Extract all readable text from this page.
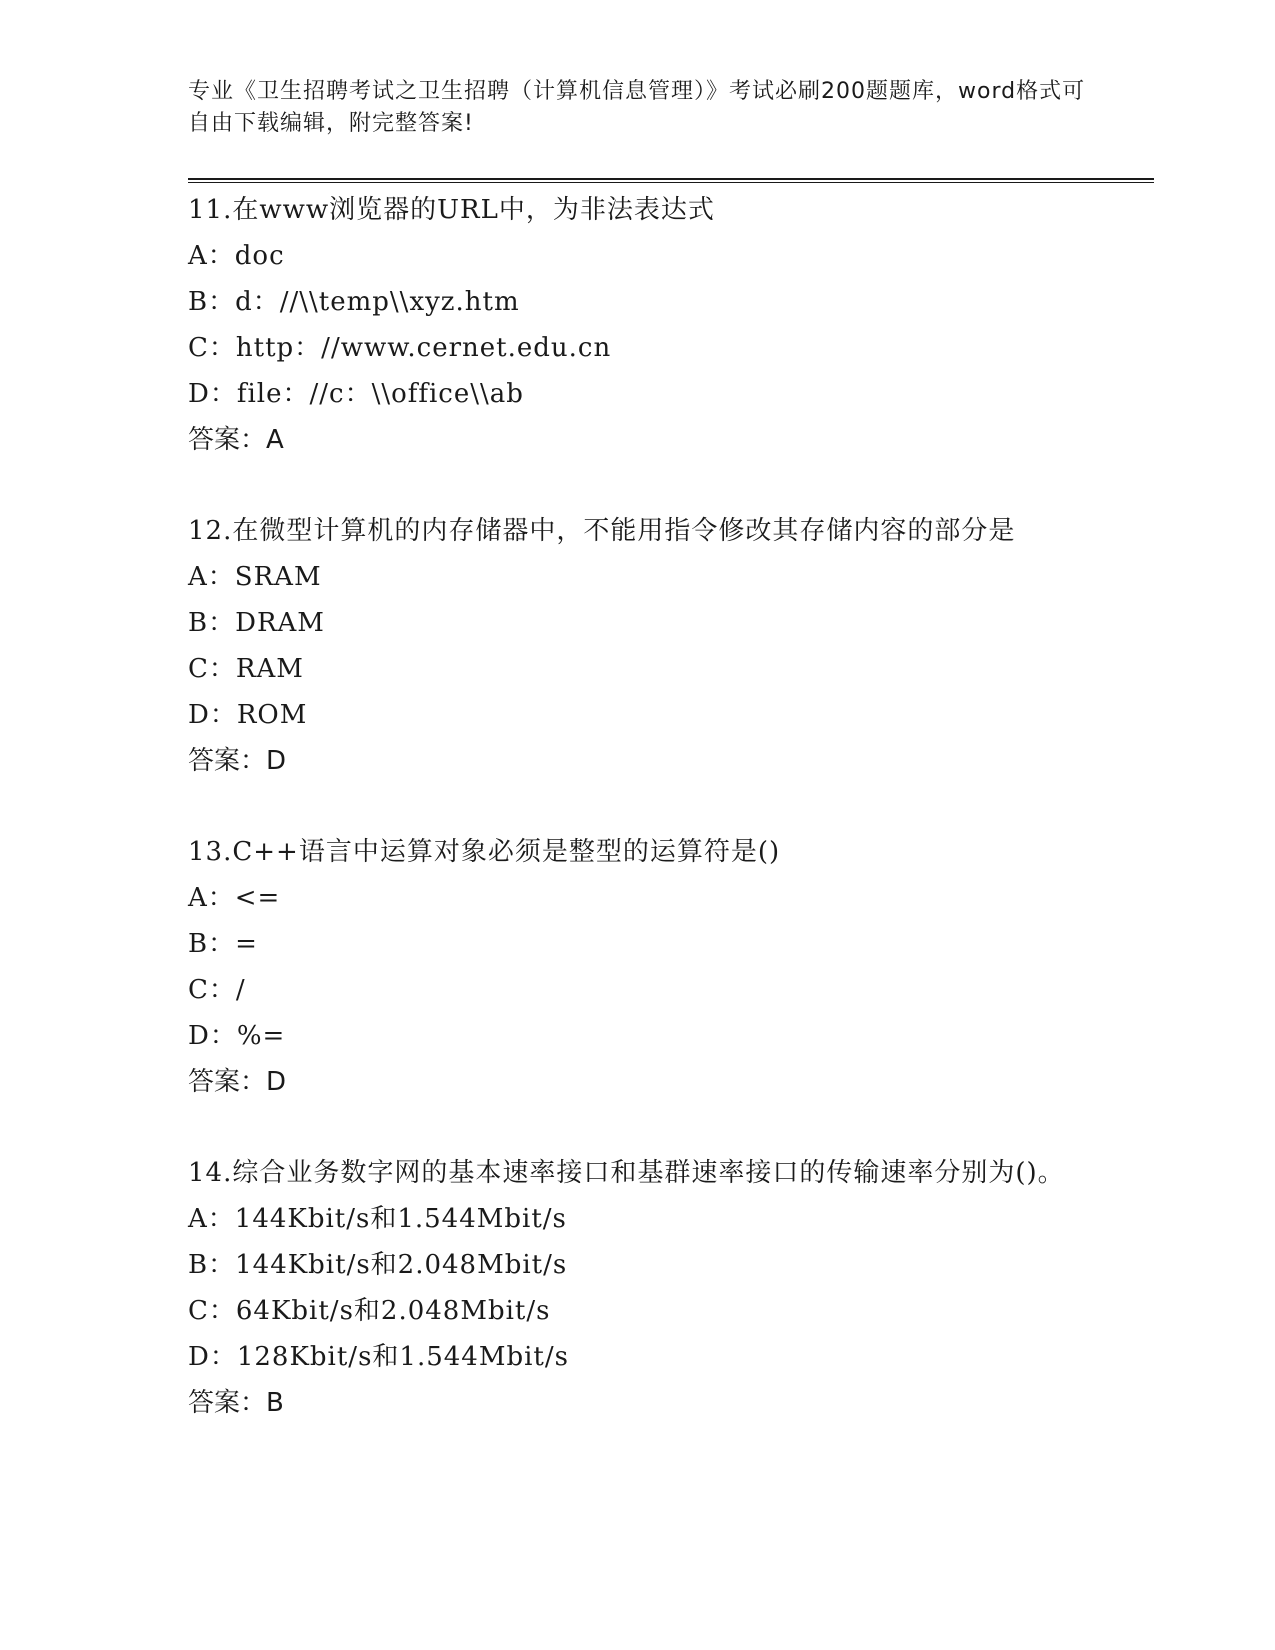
专业《卫生招聘考试之卫生招聘（计算机信息管理）》考试必刷200题题库，word格式可自由下载编辑，附完整答案!
11.在www浏览器的URL中，为非法表达式
A：doc
B：d：//\\temp\\xyz.htm
C：http：//www.cernet.edu.cn
D：file：//c：\\office\\ab
答案：A
12.在微型计算机的内存储器中，不能用指令修改其存储内容的部分是
A：SRAM
B：DRAM
C：RAM
D：ROM
答案：D
13.C++语言中运算对象必须是整型的运算符是()
A：<=
B：=
C：/
D：%=
答案：D
14.综合业务数字网的基本速率接口和基群速率接口的传输速率分别为()。
A：144Kbit/s和1.544Mbit/s
B：144Kbit/s和2.048Mbit/s
C：64Kbit/s和2.048Mbit/s
D：128Kbit/s和1.544Mbit/s
答案：B
